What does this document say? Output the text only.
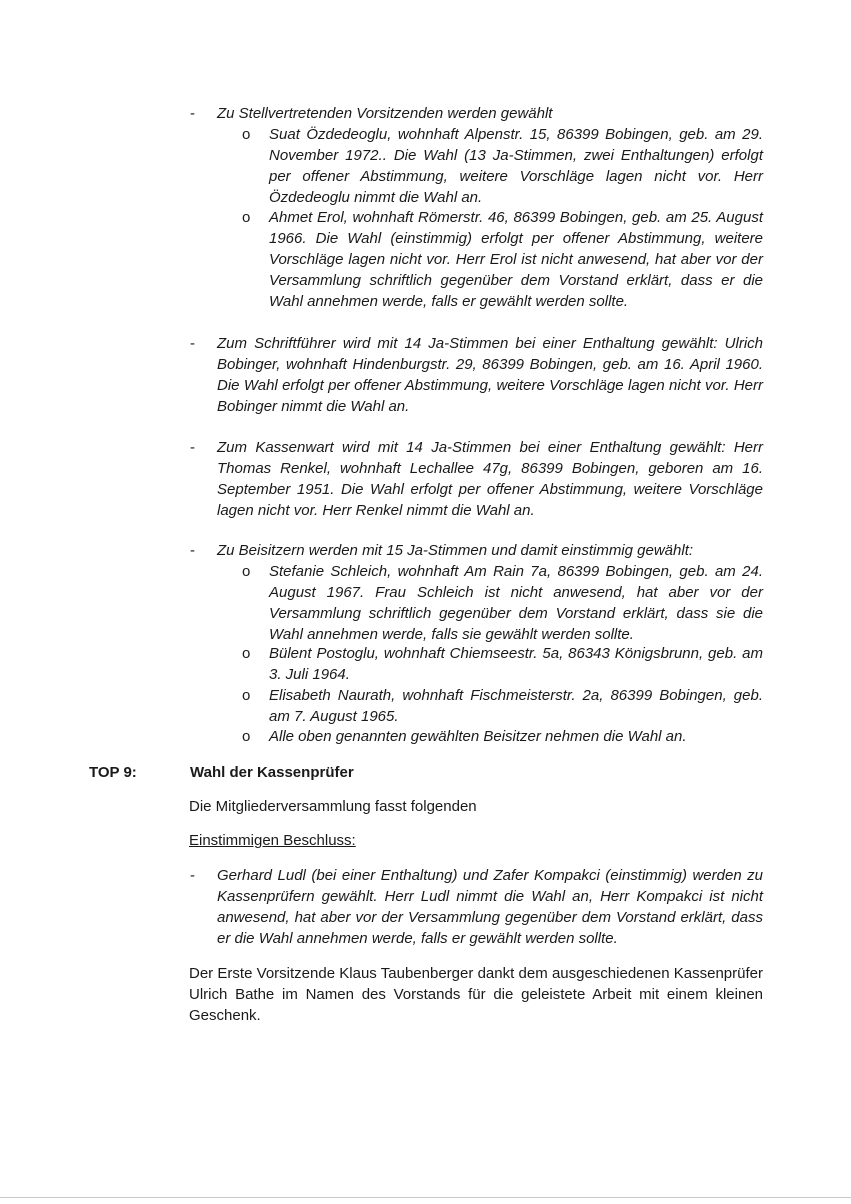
- Zu Stellvertretenden Vorsitzenden werden gewählt

o Suat Özdedeoglu, wohnhaft Alpenstr. 15, 86399 Bobingen, geb. am 29. November 1972.. Die Wahl (13 Ja-Stimmen, zwei Enthaltungen) erfolgt per offener Abstimmung, weitere Vorschläge lagen nicht vor. Herr Özdedeoglu nimmt die Wahl an.

o Ahmet Erol, wohnhaft Römerstr. 46, 86399 Bobingen, geb. am 25. August 1966. Die Wahl (einstimmig) erfolgt per offener Abstimmung, weitere Vorschläge lagen nicht vor. Herr Erol ist nicht anwesend, hat aber vor der Versammlung schriftlich gegenüber dem Vorstand erklärt, dass er die Wahl annehmen werde, falls er gewählt werden sollte.

- Zum Schriftführer wird mit 14 Ja-Stimmen bei einer Enthaltung gewählt: Ulrich Bobinger, wohnhaft Hindenburgstr. 29, 86399 Bobingen, geb. am 16. April 1960. Die Wahl erfolgt per offener Abstimmung, weitere Vorschläge lagen nicht vor. Herr Bobinger nimmt die Wahl an.

- Zum Kassenwart wird mit 14 Ja-Stimmen bei einer Enthaltung gewählt: Herr Thomas Renkel, wohnhaft Lechallee 47g, 86399 Bobingen, geboren am 16. September 1951. Die Wahl erfolgt per offener Abstimmung, weitere Vorschläge lagen nicht vor. Herr Renkel nimmt die Wahl an.

- Zu Beisitzern werden mit 15 Ja-Stimmen und damit einstimmig gewählt:

o Stefanie Schleich, wohnhaft Am Rain 7a, 86399 Bobingen, geb. am 24. August 1967. Frau Schleich ist nicht anwesend, hat aber vor der Versammlung schriftlich gegenüber dem Vorstand erklärt, dass sie die Wahl annehmen werde, falls sie gewählt werden sollte.

o Bülent Postoglu, wohnhaft Chiemseestr. 5a, 86343 Königsbrunn, geb. am 3. Juli 1964.

o Elisabeth Naurath, wohnhaft Fischmeisterstr. 2a, 86399 Bobingen, geb. am 7. August 1965.

o Alle oben genannten gewählten Beisitzer nehmen die Wahl an.

TOP 9:	Wahl der Kassenprüfer

Die Mitgliederversammlung fasst folgenden

Einstimmigen Beschluss:

- Gerhard Ludl (bei einer Enthaltung) und Zafer Kompakci (einstimmig) werden zu Kassenprüfern gewählt. Herr Ludl nimmt die Wahl an, Herr Kompakci ist nicht anwesend, hat aber vor der Versammlung gegenüber dem Vorstand erklärt, dass er die Wahl annehmen werde, falls er gewählt werden sollte.

Der Erste Vorsitzende Klaus Taubenberger dankt dem ausgeschiedenen Kassenprüfer Ulrich Bathe im Namen des Vorstands für die geleistete Arbeit mit einem kleinen Geschenk.
